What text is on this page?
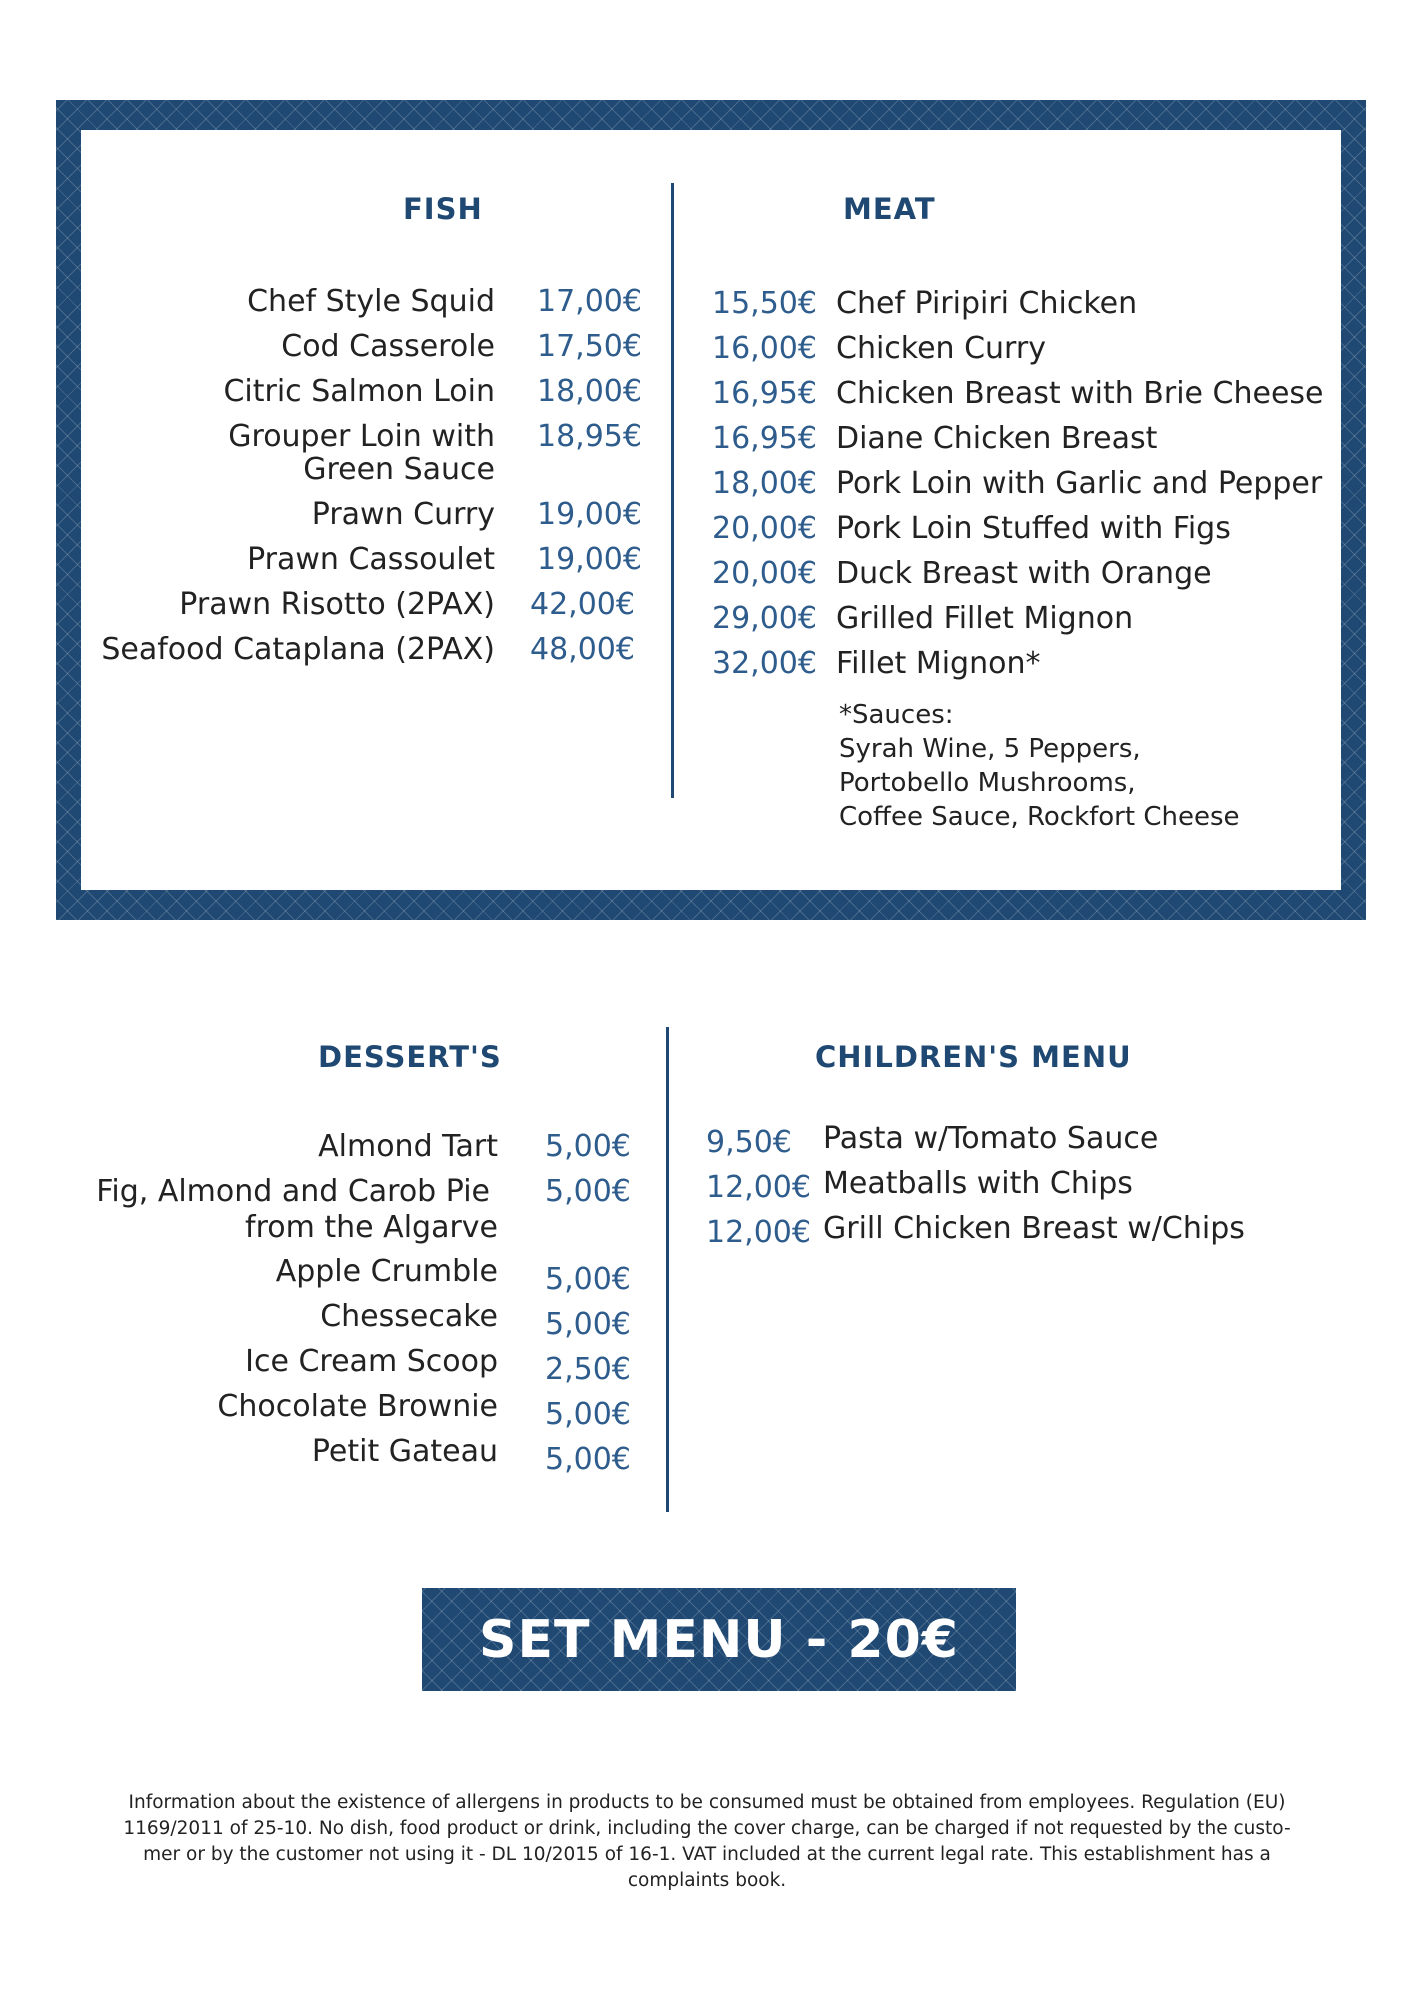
FISH	MEAT
Chef Style Squid 17,00€
Cod Casserole 17,50€
Citric Salmon Loin 18,00€
Grouper Loin with
Green Sauce
18,95€
Prawn Curry 19,00€
Prawn Cassoulet 19,00€
Prawn Risotto (2PAX) 42,00€
Seafood Cataplana (2PAX) 48,00€
15,50€ Chef Piripiri Chicken
16,00€ Chicken Curry
16,95€ Chicken Breast with Brie Cheese
16,95€ Diane Chicken Breast
18,00€ Pork Loin with Garlic and Pepper
20,00€ Pork Loin Stuffed with Figs
20,00€ Duck Breast with Orange
29,00€ Grilled Fillet Mignon
32,00€ Fillet Mignon*
*Sauces:
Syrah Wine, 5 Peppers,
Portobello Mushrooms,
Coffee Sauce, Rockfort Cheese
DESSERT'S	CHILDREN'S MENU
Almond Tart 5,00€
Fig, Almond and Carob Pie
from the Algarve
5,00€
Apple Crumble 5,00€
Chessecake 5,00€
Ice Cream Scoop 2,50€
Chocolate Brownie 5,00€
Petit Gateau 5,00€
9,50€ Pasta w/Tomato Sauce
12,00€ Meatballs with Chips
12,00€ Grill Chicken Breast w/Chips
SET MENU - 20€
Information about the existence of allergens in products to be consumed must be obtained from employees. Regulation (EU)
1169/2011 of 25-10. No dish, food product or drink, including the cover charge, can be charged if not requested by the custo-
mer or by the customer not using it - DL 10/2015 of 16-1. VAT included at the current legal rate. This establishment has a
complaints book.
